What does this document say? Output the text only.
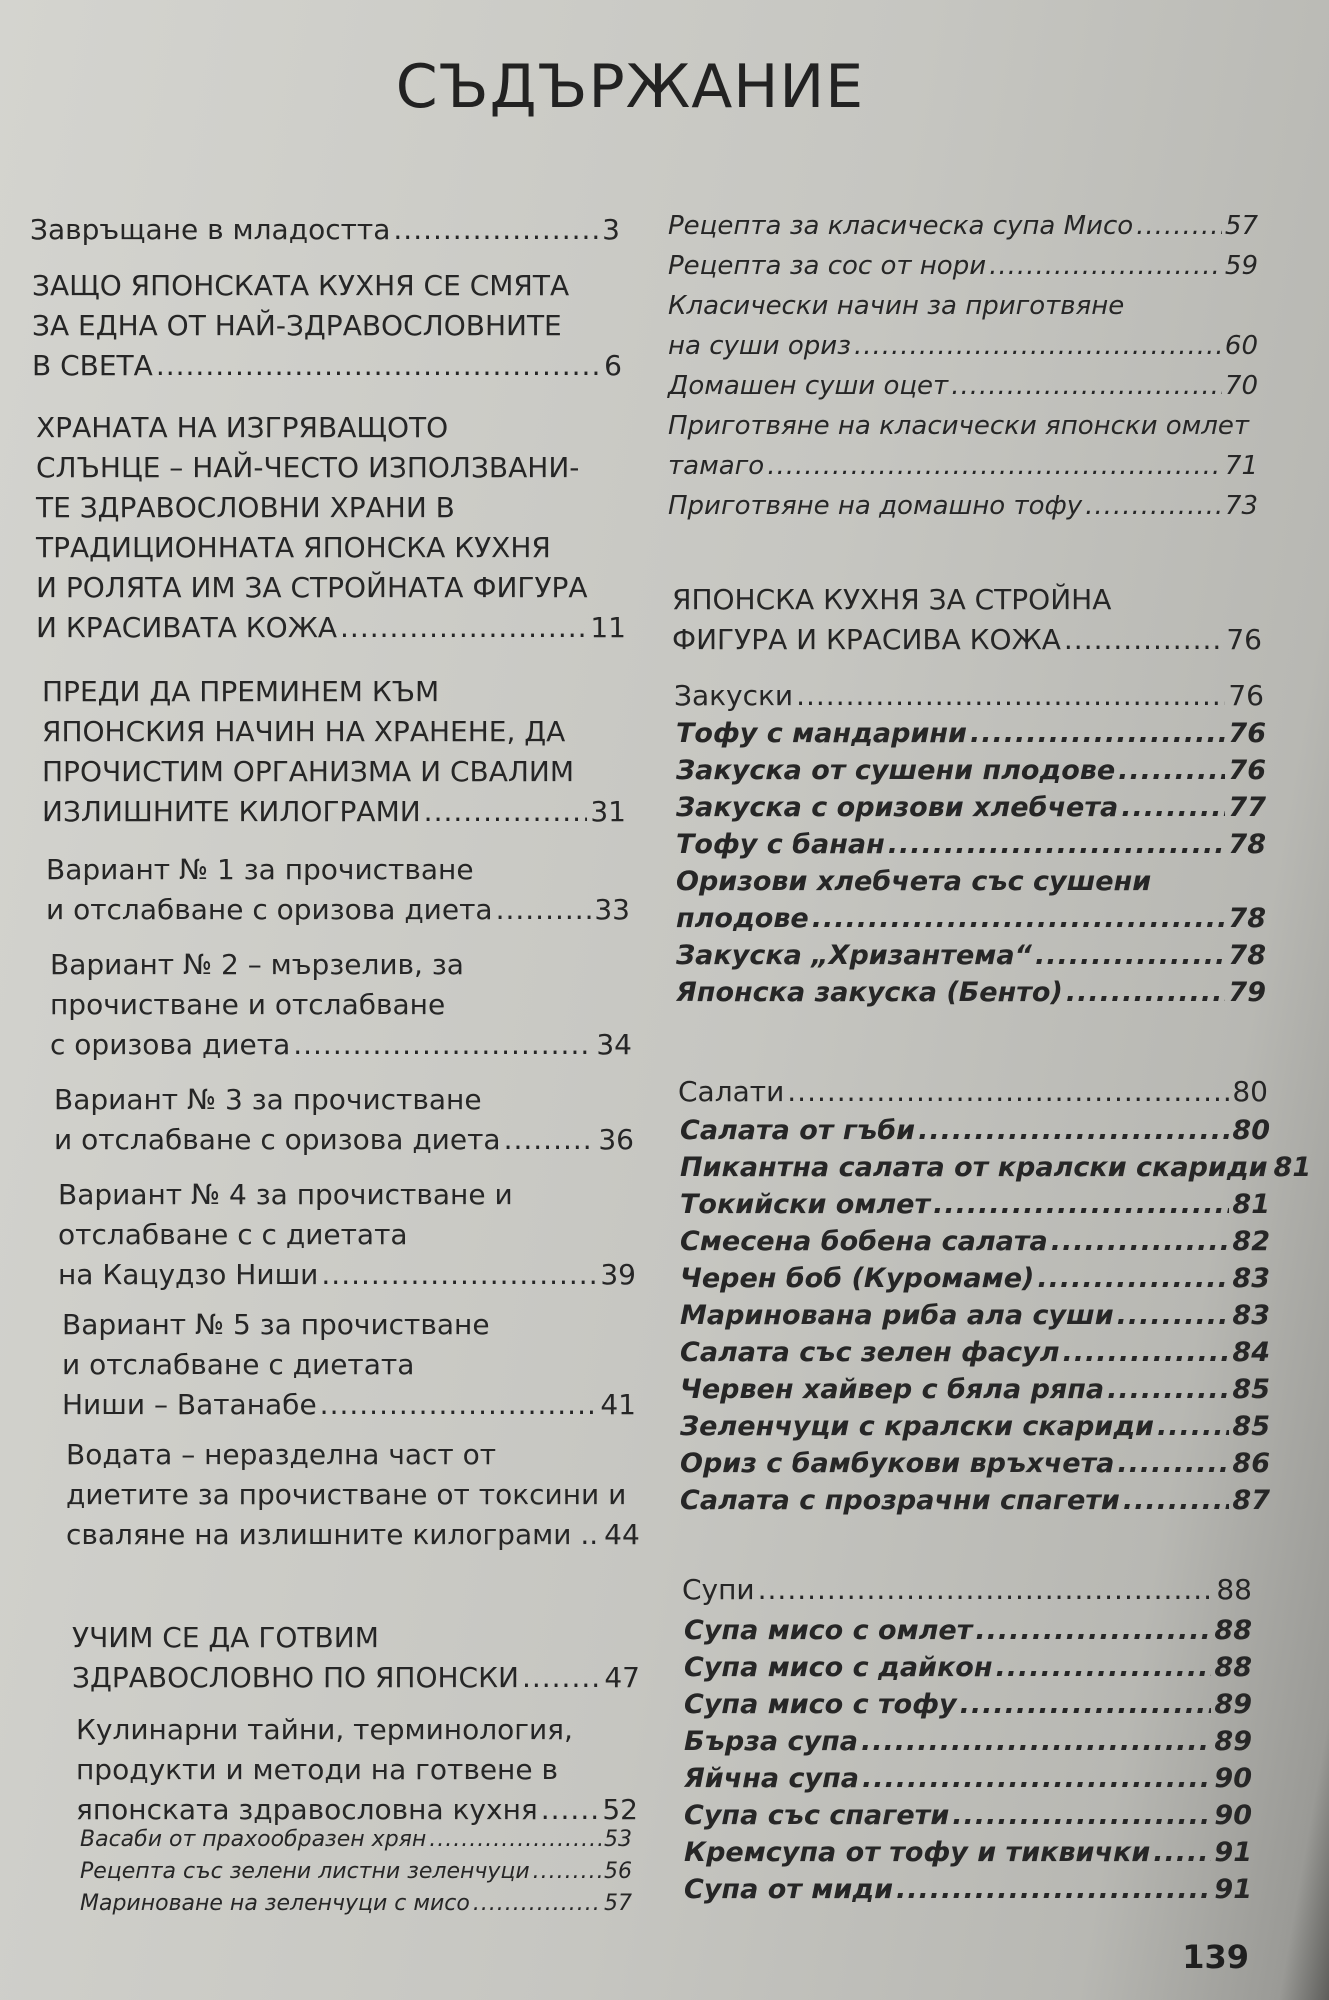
СЪДЪРЖАНИЕ
Завръщане в младостта .....	3
ЗАЩО ЯПОНСКАТА КУХНЯ СЕ СМЯТА
ЗА ЕДНА ОТ НАЙ-ЗДРАВОСЛОВНИТЕ
В СВЕТА .....	6
ХРАНАТА НА ИЗГРЯВАЩОТО
СЛЪНЦЕ – НАЙ-ЧЕСТО ИЗПОЛЗВАНИ-
ТЕ ЗДРАВОСЛОВНИ ХРАНИ В
ТРАДИЦИОННАТА ЯПОНСКА КУХНЯ
И РОЛЯТА ИМ ЗА СТРОЙНАТА ФИГУРА
И КРАСИВАТА КОЖА .....	11
ПРЕДИ ДА ПРЕМИНЕМ КЪМ
ЯПОНСКИЯ НАЧИН НА ХРАНЕНЕ, ДА
ПРОЧИСТИМ ОРГАНИЗМА И СВАЛИМ
ИЗЛИШНИТЕ КИЛОГРАМИ .....	31
Вариант № 1 за прочистване
и отслабване с оризова диета .....	33
Вариант № 2 – мързелив, за
прочистване и отслабване
с оризова диета .....	34
Вариант № 3 за прочистване
и отслабване с оризова диета .....	36
Вариант № 4 за прочистване и
отслабване с с диетата
на Кацудзо Ниши .....	39
Вариант № 5 за прочистване
и отслабване с диетата
Ниши – Ватанабе .....	41
Водата – неразделна част от
диетите за прочистване от токсини и
сваляне на излишните килограми .. 44
УЧИМ СЕ ДА ГОТВИМ
ЗДРАВОСЛОВНО ПО ЯПОНСКИ .....	47
Кулинарни тайни, терминология,
продукти и методи на готвене в
японската здравословна кухня ..... 52
Васаби от прахообразен хрян .....	53
Рецепта със зелени листни зеленчуци .....	56
Мариноване на зеленчуци с мисо .....	57
Рецепта за класическа супа Мисо .....	57
Рецепта за сос от нори .....	59
Класически начин за приготвяне
на суши ориз .....	60
Домашен суши оцет .....	70
Приготвяне на класически японски омлет
тамаго .....	71
Приготвяне на домашно тофу .....	73
ЯПОНСКА КУХНЯ ЗА СТРОЙНА
ФИГУРА И КРАСИВА КОЖА .....	76
Закуски .....	76
Тофу с мандарини .....	76
Закуска от сушени плодове .....	76
Закуска с оризови хлебчета .....	77
Тофу с банан .....	78
Оризови хлебчета със сушени
плодове .....	78
Закуска „Хризантема“ .....	78
Японска закуска (Бенто) .....	79
Салати .....	80
Салата от гъби .....	80
Пикантна салата от кралски скариди 81
Токийски омлет .....	81
Смесена бобена салата .....	82
Черен боб (Куромаме) .....	83
Маринована риба ала суши .....	83
Салата със зелен фасул .....	84
Червен хайвер с бяла ряпа .....	85
Зеленчуци с кралски скариди .....	85
Ориз с бамбукови връхчета .....	86
Салата с прозрачни спагети .....	87
Супи .....	88
Супа мисо с омлет .....	88
Супа мисо с дайкон .....	88
Супа мисо с тофу .....	89
Бърза супа .....	89
Яйчна супа .....	90
Супа със спагети .....	90
Кремсупа от тофу и тиквички ..... 91
Супа от миди .....	91
139
